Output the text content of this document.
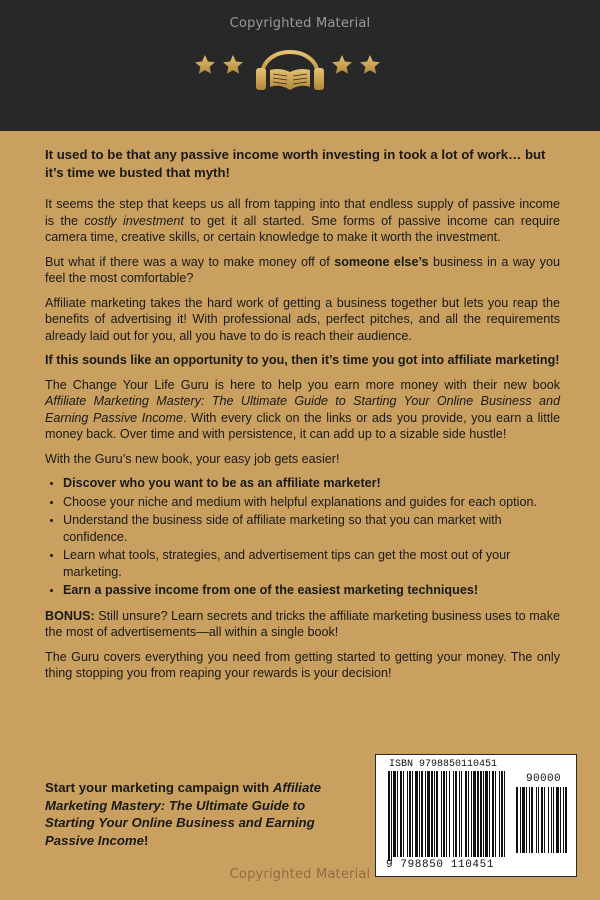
Copyrighted Material

It used to be that any passive income worth investing in took a lot of work… but it’s time we busted that myth!

It seems the step that keeps us all from tapping into that endless supply of passive income is the costly investment to get it all started. Sme forms of passive income can require camera time, creative skills, or certain knowledge to make it worth the investment.

But what if there was a way to make money off of someone else’s business in a way you feel the most comfortable?

Affiliate marketing takes the hard work of getting a business together but lets you reap the benefits of advertising it! With professional ads, perfect pitches, and all the requirements already laid out for you, all you have to do is reach their audience.

If this sounds like an opportunity to you, then it’s time you got into affiliate marketing!

The Change Your Life Guru is here to help you earn more money with their new book Affiliate Marketing Mastery: The Ultimate Guide to Starting Your Online Business and Earning Passive Income. With every click on the links or ads you provide, you earn a little money back. Over time and with persistence, it can add up to a sizable side hustle!

With the Guru’s new book, your easy job gets easier!

• Discover who you want to be as an affiliate marketer!
• Choose your niche and medium with helpful explanations and guides for each option.
• Understand the business side of affiliate marketing so that you can market with confidence.
• Learn what tools, strategies, and advertisement tips can get the most out of your marketing.
• Earn a passive income from one of the easiest marketing techniques!

BONUS: Still unsure? Learn secrets and tricks the affiliate marketing business uses to make the most of advertisements—all within a single book!

The Guru covers everything you need from getting started to getting your money. The only thing stopping you from reaping your rewards is your decision!

Start your marketing campaign with Affiliate Marketing Mastery: The Ultimate Guide to Starting Your Online Business and Earning Passive Income!
ISBN 9798850110451
90000
9 798850 110451
Copyrighted Material
